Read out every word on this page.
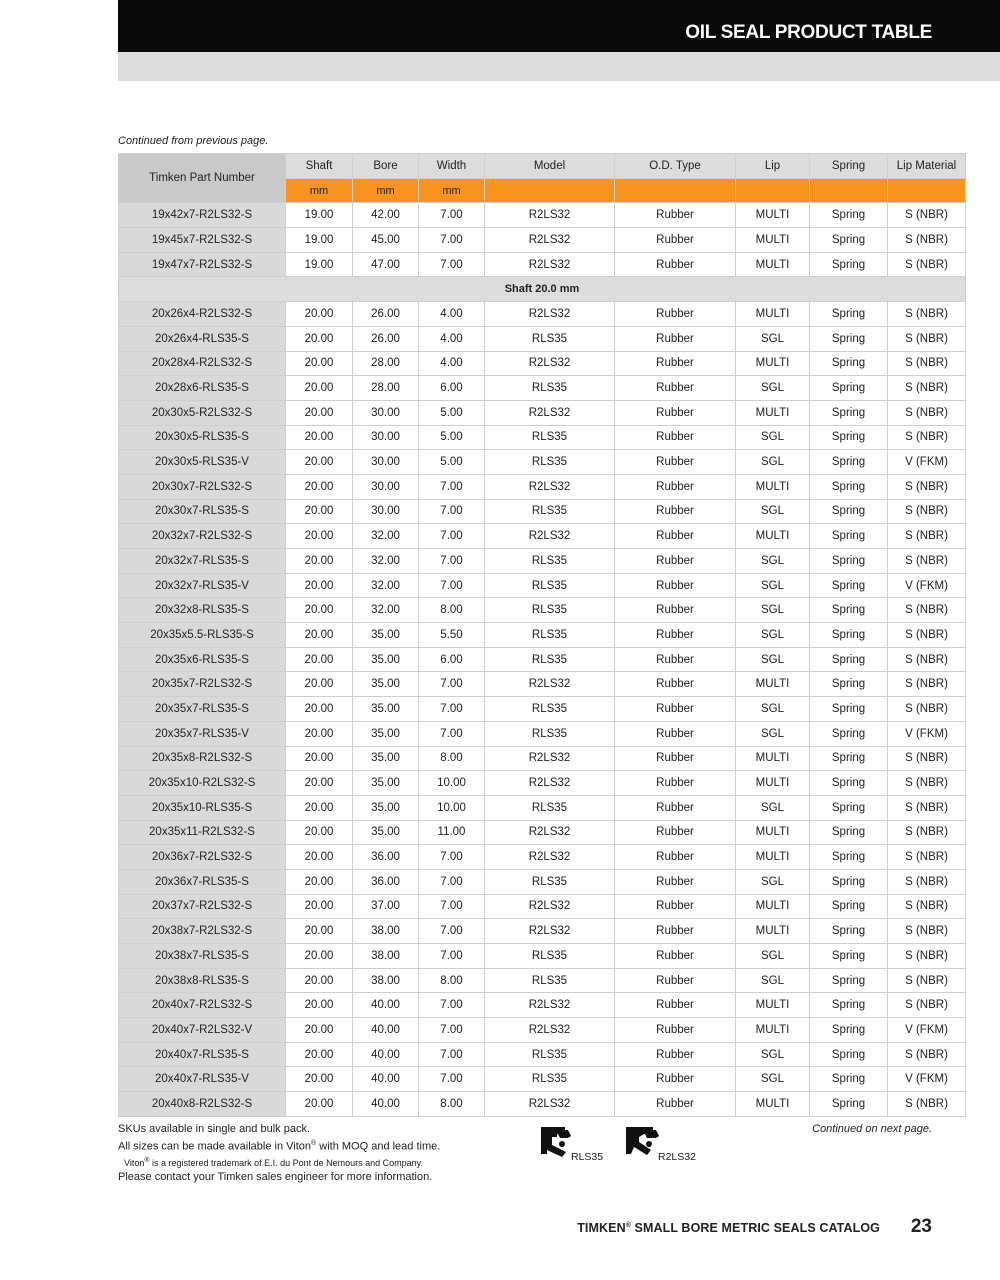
OIL SEAL PRODUCT TABLE
Continued from previous page.
Timken Part Number	Shaft	Bore	Width	Model	O.D. Type	Lip	Spring	Lip Material
	mm	mm	mm					
19x42x7-R2LS32-S	19.00	42.00	7.00	R2LS32	Rubber	MULTI	Spring	S (NBR)
19x45x7-R2LS32-S	19.00	45.00	7.00	R2LS32	Rubber	MULTI	Spring	S (NBR)
19x47x7-R2LS32-S	19.00	47.00	7.00	R2LS32	Rubber	MULTI	Spring	S (NBR)
Shaft 20.0 mm								
20x26x4-R2LS32-S	20.00	26.00	4.00	R2LS32	Rubber	MULTI	Spring	S (NBR)
20x26x4-RLS35-S	20.00	26.00	4.00	RLS35	Rubber	SGL	Spring	S (NBR)
20x28x4-R2LS32-S	20.00	28.00	4.00	R2LS32	Rubber	MULTI	Spring	S (NBR)
20x28x6-RLS35-S	20.00	28.00	6.00	RLS35	Rubber	SGL	Spring	S (NBR)
20x30x5-R2LS32-S	20.00	30.00	5.00	R2LS32	Rubber	MULTI	Spring	S (NBR)
20x30x5-RLS35-S	20.00	30.00	5.00	RLS35	Rubber	SGL	Spring	S (NBR)
20x30x5-RLS35-V	20.00	30.00	5.00	RLS35	Rubber	SGL	Spring	V (FKM)
20x30x7-R2LS32-S	20.00	30.00	7.00	R2LS32	Rubber	MULTI	Spring	S (NBR)
20x30x7-RLS35-S	20.00	30.00	7.00	RLS35	Rubber	SGL	Spring	S (NBR)
20x32x7-R2LS32-S	20.00	32.00	7.00	R2LS32	Rubber	MULTI	Spring	S (NBR)
20x32x7-RLS35-S	20.00	32.00	7.00	RLS35	Rubber	SGL	Spring	S (NBR)
20x32x7-RLS35-V	20.00	32.00	7.00	RLS35	Rubber	SGL	Spring	V (FKM)
20x32x8-RLS35-S	20.00	32.00	8.00	RLS35	Rubber	SGL	Spring	S (NBR)
20x35x5.5-RLS35-S	20.00	35.00	5.50	RLS35	Rubber	SGL	Spring	S (NBR)
20x35x6-RLS35-S	20.00	35.00	6.00	RLS35	Rubber	SGL	Spring	S (NBR)
20x35x7-R2LS32-S	20.00	35.00	7.00	R2LS32	Rubber	MULTI	Spring	S (NBR)
20x35x7-RLS35-S	20.00	35.00	7.00	RLS35	Rubber	SGL	Spring	S (NBR)
20x35x7-RLS35-V	20.00	35.00	7.00	RLS35	Rubber	SGL	Spring	V (FKM)
20x35x8-R2LS32-S	20.00	35.00	8.00	R2LS32	Rubber	MULTI	Spring	S (NBR)
20x35x10-R2LS32-S	20.00	35.00	10.00	R2LS32	Rubber	MULTI	Spring	S (NBR)
20x35x10-RLS35-S	20.00	35.00	10.00	RLS35	Rubber	SGL	Spring	S (NBR)
20x35x11-R2LS32-S	20.00	35.00	11.00	R2LS32	Rubber	MULTI	Spring	S (NBR)
20x36x7-R2LS32-S	20.00	36.00	7.00	R2LS32	Rubber	MULTI	Spring	S (NBR)
20x36x7-RLS35-S	20.00	36.00	7.00	RLS35	Rubber	SGL	Spring	S (NBR)
20x37x7-R2LS32-S	20.00	37.00	7.00	R2LS32	Rubber	MULTI	Spring	S (NBR)
20x38x7-R2LS32-S	20.00	38.00	7.00	R2LS32	Rubber	MULTI	Spring	S (NBR)
20x38x7-RLS35-S	20.00	38.00	7.00	RLS35	Rubber	SGL	Spring	S (NBR)
20x38x8-RLS35-S	20.00	38.00	8.00	RLS35	Rubber	SGL	Spring	S (NBR)
20x40x7-R2LS32-S	20.00	40.00	7.00	R2LS32	Rubber	MULTI	Spring	S (NBR)
20x40x7-R2LS32-V	20.00	40.00	7.00	R2LS32	Rubber	MULTI	Spring	V (FKM)
20x40x7-RLS35-S	20.00	40.00	7.00	RLS35	Rubber	SGL	Spring	S (NBR)
20x40x7-RLS35-V	20.00	40.00	7.00	RLS35	Rubber	SGL	Spring	V (FKM)
20x40x8-R2LS32-S	20.00	40.00	8.00	R2LS32	Rubber	MULTI	Spring	S (NBR)
SKUs available in single and bulk pack.
All sizes can be made available in Viton® with MOQ and lead time.
Viton® is a registered trademark of E.I. du Pont de Nemours and Company.
Please contact your Timken sales engineer for more information.
RLS35	R2LS32
Continued on next page.
TIMKEN® SMALL BORE METRIC SEALS CATALOG 23
